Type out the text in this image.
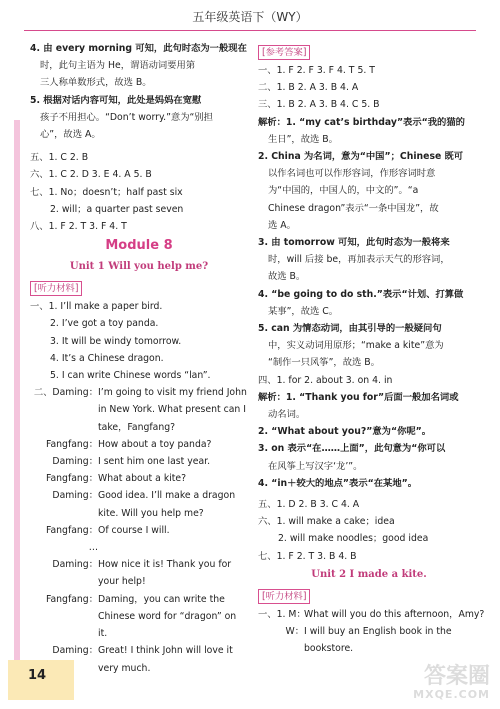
五年级英语下（WY）
14
4. 由 every morning 可知，此句时态为一般现在
时，此句主语为 He，谓语动词要用第
三人称单数形式，故选 B。
5. 根据对话内容可知，此处是妈妈在宽慰
孩子不用担心。“Don’t worry.”意为“别担
心”，故选 A。
五、1. C 2. B
六、1. C 2. D 3. E 4. A 5. B
七、1. No；doesn’t；half past six
2. will；a quarter past seven
八、1. F 2. T 3. F 4. T
Module 8
Unit 1 Will you help me?
[听力材料]
一、1. I’ll make a paper bird.
2. I’ve got a toy panda.
3. It will be windy tomorrow.
4. It’s a Chinese dragon.
5. I can write Chinese words “lan”.
二、Daming： I’m going to visit my friend John
in New York. What present can I
take，Fangfang?
Fangfang： How about a toy panda?
Daming： I sent him one last year.
Fangfang： What about a kite?
Daming： Good idea. I’ll make a dragon
kite. Will you help me?
Fangfang： Of course I will.
…
Daming： How nice it is! Thank you for
your help!
Fangfang： Daming，you can write the
Chinese word for “dragon” on
it.
Daming： Great! I think John will love it
very much.
[参考答案]
一、1. F 2. F 3. F 4. T 5. T
二、1. B 2. A 3. B 4. A
三、1. B 2. A 3. B 4. C 5. B
解析：1. “my cat’s birthday”表示“我的猫的
生日”，故选 B。
2. China 为名词，意为“中国”；Chinese 既可
以作名词也可以作形容词，作形容词时意
为“中国的，中国人的，中文的”。“a
Chinese dragon”表示“一条中国龙”，故
选 A。
3. 由 tomorrow 可知，此句时态为一般将来
时，will 后接 be，再加表示天气的形容词，
故选 B。
4. “be going to do sth.”表示“计划、打算做
某事”，故选 C。
5. can 为情态动词，由其引导的一般疑问句
中，实义动词用原形；“make a kite”意为
“制作一只风筝”，故选 B。
四、1. for 2. about 3. on 4. in
解析：1. “Thank you for”后面一般加名词或
动名词。
2. “What about you?”意为“你呢”。
3. on 表示“在……上面”，此句意为“你可以
在风筝上写汉字‘龙’”。
4. “in＋较大的地点”表示“在某地”。
五、1. D 2. B 3. C 4. A
六、1. will make a cake；idea
2. will make noodles；good idea
七、1. F 2. T 3. B 4. B
Unit 2 I made a kite.
[听力材料]
一、1. M：
What will you do this afternoon，Amy?
W： I will buy an English book in the
bookstore.
答案圈
MXQE.COM
